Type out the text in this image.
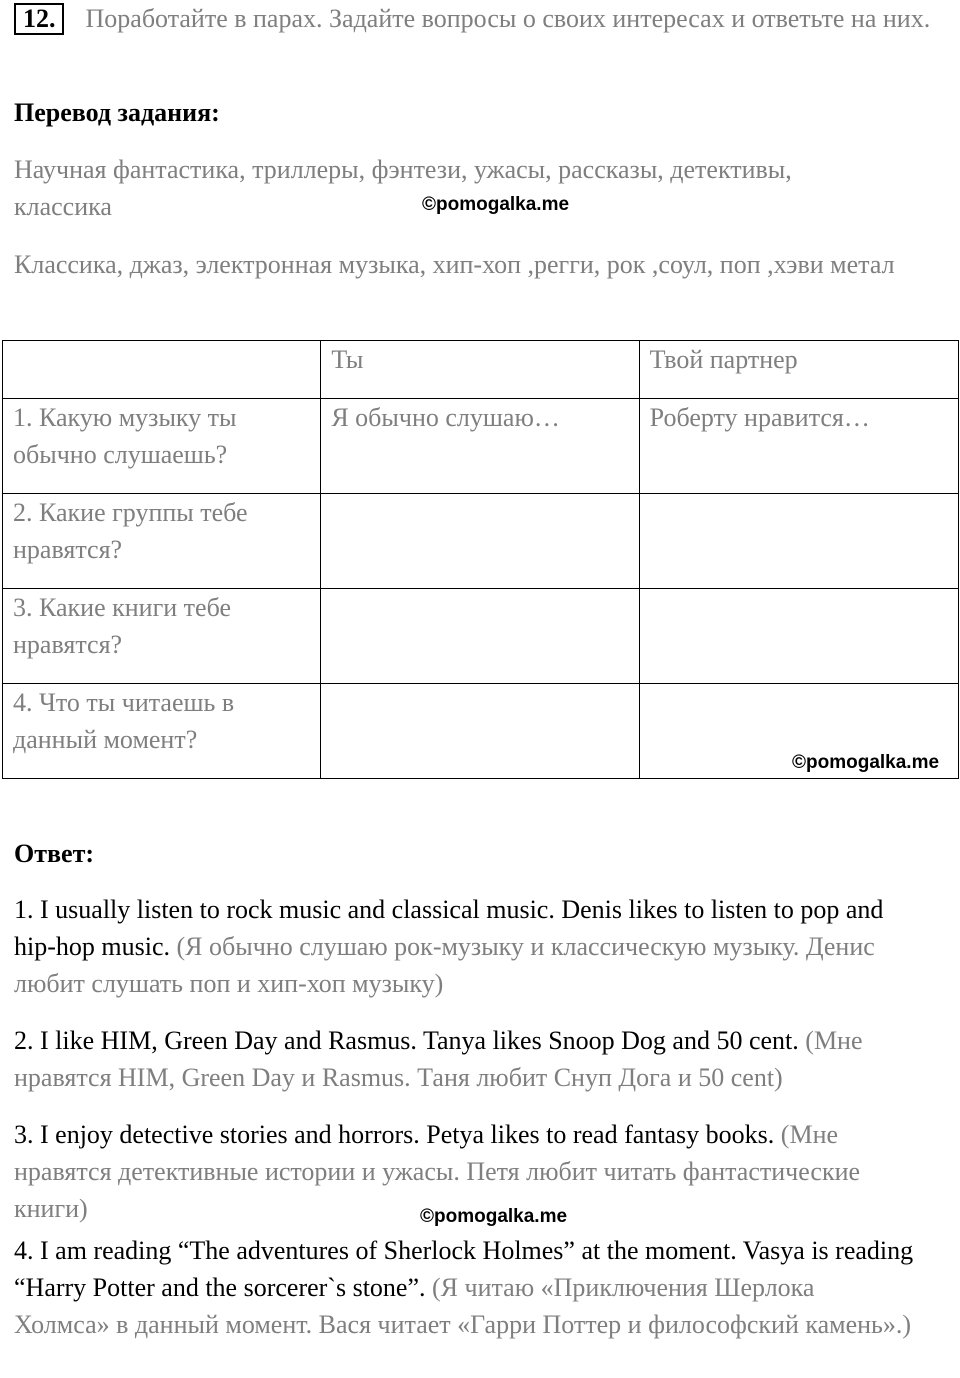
12. Поработайте в парах. Задайте вопросы о своих интересах и ответьте на них.
Перевод задания:
Научная фантастика, триллеры, фэнтези, ужасы, рассказы, детективы, классика	©pomogalka.me
Классика, джаз, электронная музыка, хип-хоп ,регги, рок ,соул, поп ,хэви метал
	Ты	Твой партнер
1. Какую музыку ты обычно слушаешь?	Я обычно слушаю…	Роберту нравится…
2. Какие группы тебе нравятся?		
3. Какие книги тебе нравятся?		
4. Что ты читаешь в данный момент?		
©pomogalka.me
Ответ:
1. I usually listen to rock music and classical music. Denis likes to listen to pop and hip-hop music. (Я обычно слушаю рок-музыку и классическую музыку. Денис любит слушать поп и хип-хоп музыку)
2. I like HIM, Green Day and Rasmus. Tanya likes Snoop Dog and 50 cent. (Мне нравятся HIM, Green Day и Rasmus. Таня любит Снуп Дога и 50 cent)
3. I enjoy detective stories and horrors. Petya likes to read fantasy books. (Мне нравятся детективные истории и ужасы. Петя любит читать фантастические книги)	©pomogalka.me
4. I am reading “The adventures of Sherlock Holmes” at the moment. Vasya is reading “Harry Potter and the sorcerer`s stone”. (Я читаю «Приключения Шерлока Холмса» в данный момент. Вася читает «Гарри Поттер и философский камень».)
